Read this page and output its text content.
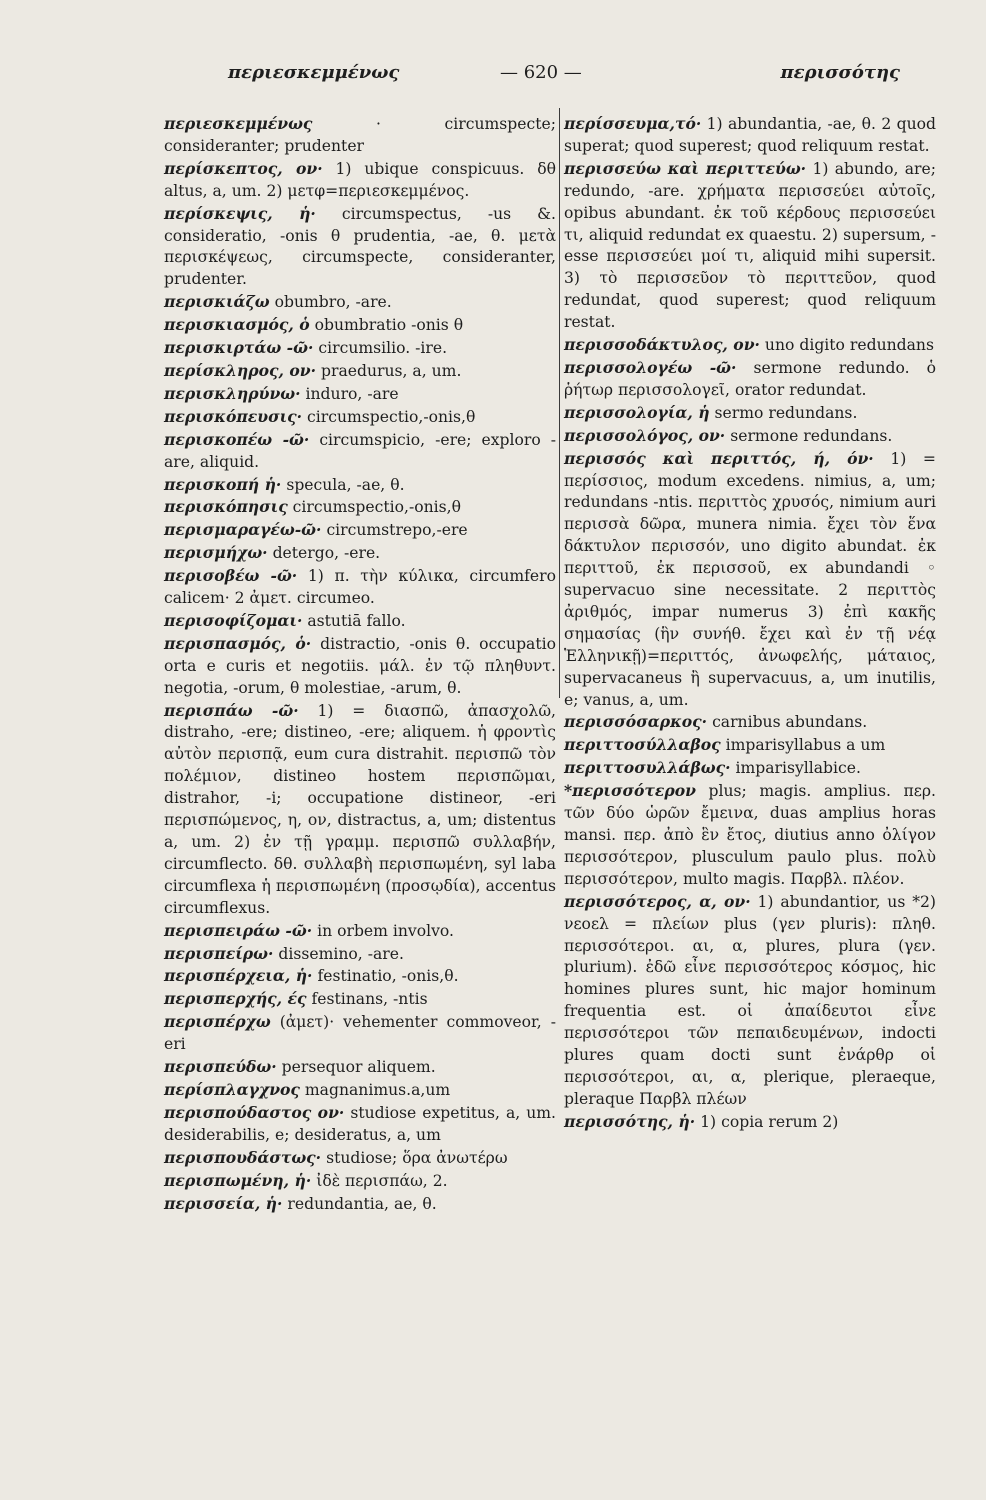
περιεσκεμμένως	— 620 —	περισσότης

περιεσκεμμένως	· circumspecte; consideranter; prudenter

περίσκεπτος, ον· 1) ubique conspicuus. δθ altus, a, um. 2) μετφ=περιεσκεμμένος.

περίσκεψις, ἡ· circumspectus, -us &. consideratio, -onis θ prudentia, -ae, θ. μετὰ περισκέψεως, circumspecte, consideranter, prudenter.

περισκιάζω obumbro, -are.

περισκιασμός, ὁ obumbratio -onis θ

περισκιρτάω -ῶ· circumsilio. -ire.

περίσκληρος, ον· praedurus, a, um.

περισκληρύνω· induro, -are

περισκόπευσις· circumspectio,-onis,θ

περισκοπέω -ῶ· circumspicio, -ere; exploro -are, aliquid.

περισκοπή ἡ· specula, -ae, θ.

περισκόπησις circumspectio,-onis,θ

περισμαραγέω-ῶ· circumstrepo,-ere

περισμήχω· detergo, -ere.

περισοβέω -ῶ· 1) π. τὴν κύλικα, circumfero calicem· 2 ἀμετ. circumeo.

περισοφίζομαι· astutiā fallo.

περισπασμός, ὁ· distractio, -onis θ. occupatio orta e curis et negotiis. μάλ. ἐν τῷ πληθυντ. negotia, -orum, θ molestiae, -arum, θ.

περισπάω -ῶ· 1) = διασπῶ, ἀπασχολῶ, distraho, -ere; distineo, -ere; aliquem. ἡ φροντὶς αὐτὸν περισπᾷ, eum cura distrahit. περισπῶ τὸν πολέμιον, distineo hostem περισπῶμαι, distrahor, -i; occupatione distineor, -eri περισπώμενος, η, ον, distractus, a, um; distentus a, um. 2) ἐν τῇ γραμμ. περισπῶ συλλαβήν, circumflecto. δθ. συλλαβὴ περισπωμένη, syl laba circumflexa ἡ περισπωμένη (προσῳδία), accentus circumflexus.

περισπειράω -ῶ· in orbem involvo.

περισπείρω· dissemino, -are.

περισπέρχεια, ἡ· festinatio, -onis,θ.

περισπερχής, ές festinans, -ntis

περισπέρχω (ἀμετ)· vehementer commoveor, -eri

περισπεύδω· persequor aliquem.

περίσπλαγχνος magnanimus.a,um

περισπούδαστος ον· studiose expetitus, a, um. desiderabilis, e; desideratus, a, um

περισπουδάστως· studiose; ὅρα ἀνωτέρω

περισπωμένη, ἡ· ἰδὲ περισπάω, 2.

περισσεία, ἡ· redundantia, ae, θ.

περίσσευμα,τό· 1) abundantia, -ae, θ. 2 quod superat; quod superest; quod reliquum restat.

περισσεύω καὶ περιττεύω· 1) abundo, are; redundo, -are. χρήματα περισσεύει αὐτοῖς, opibus abundant. ἐκ τοῦ κέρδους περισσεύει τι, aliquid redundat ex quaestu. 2) supersum, -esse περισσεύει μοί τι, aliquid mihi supersit. 3) τὸ περισσεῦον τὸ περιττεῦον, quod redundat, quod superest; quod reliquum restat.

περισσοδάκτυλος, ον· uno digito redundans

περισσολογέω -ῶ· sermone redundo. ὁ ῥήτωρ περισσολογεῖ, orator redundat.

περισσολογία, ἡ sermo redundans.

περισσολόγος, ον· sermone redundans.

περισσός καὶ περιττός, ή, όν· 1) = περίσσιος, modum excedens. nimius, a, um; redundans -ntis. περιττὸς χρυσός, nimium auri περισσὰ δῶρα, munera nimia. ἔχει τὸν ἕνα δάκτυλον περισσόν, uno digito abundat. ἐκ περιττοῦ, ἐκ περισσοῦ, ex abundandi ◦ supervacuo sine necessitate. 2 περιττὸς ἀριθμός, impar numerus 3) ἐπὶ κακῆς σημασίας (ἣν συνήθ. ἔχει καὶ ἐν τῇ νέᾳ Ἑλληνικῇ)=περιττός, ἀνωφελής, μάταιος, supervacaneus ἢ supervacuus, a, um inutilis, e; vanus, a, um.

περισσόσαρκος· carnibus abundans.

περιττοσύλλαβος imparisyllabus a um

περιττοσυλλάβως· imparisyllabice.

*περισσότερον plus; magis. amplius. περ. τῶν δύο ὡρῶν ἔμεινα, duas amplius horas mansi. περ. ἀπὸ ἓν ἔτος, diutius anno ὀλίγον περισσότερον, plusculum paulo plus. πολὺ περισσότερον, multo magis. Παρβλ. πλέον.

περισσότερος, α, ον· 1) abundantior, us *2) νεοελ = πλείων plus (γεν pluris): πληθ. περισσότεροι. αι, α, plures, plura (γεν. plurium). ἐδῶ εἶνε περισσότερος κόσμος, hic homines plures sunt, hic major hominum frequentia est. οἱ ἀπαίδευτοι εἶνε περισσότεροι τῶν πεπαιδευμένων, indocti plures quam docti sunt ἐνάρθρ οἱ περισσότεροι, αι, α, plerique, pleraeque, pleraque Παρβλ πλέων

περισσότης, ἡ· 1) copia rerum 2)
